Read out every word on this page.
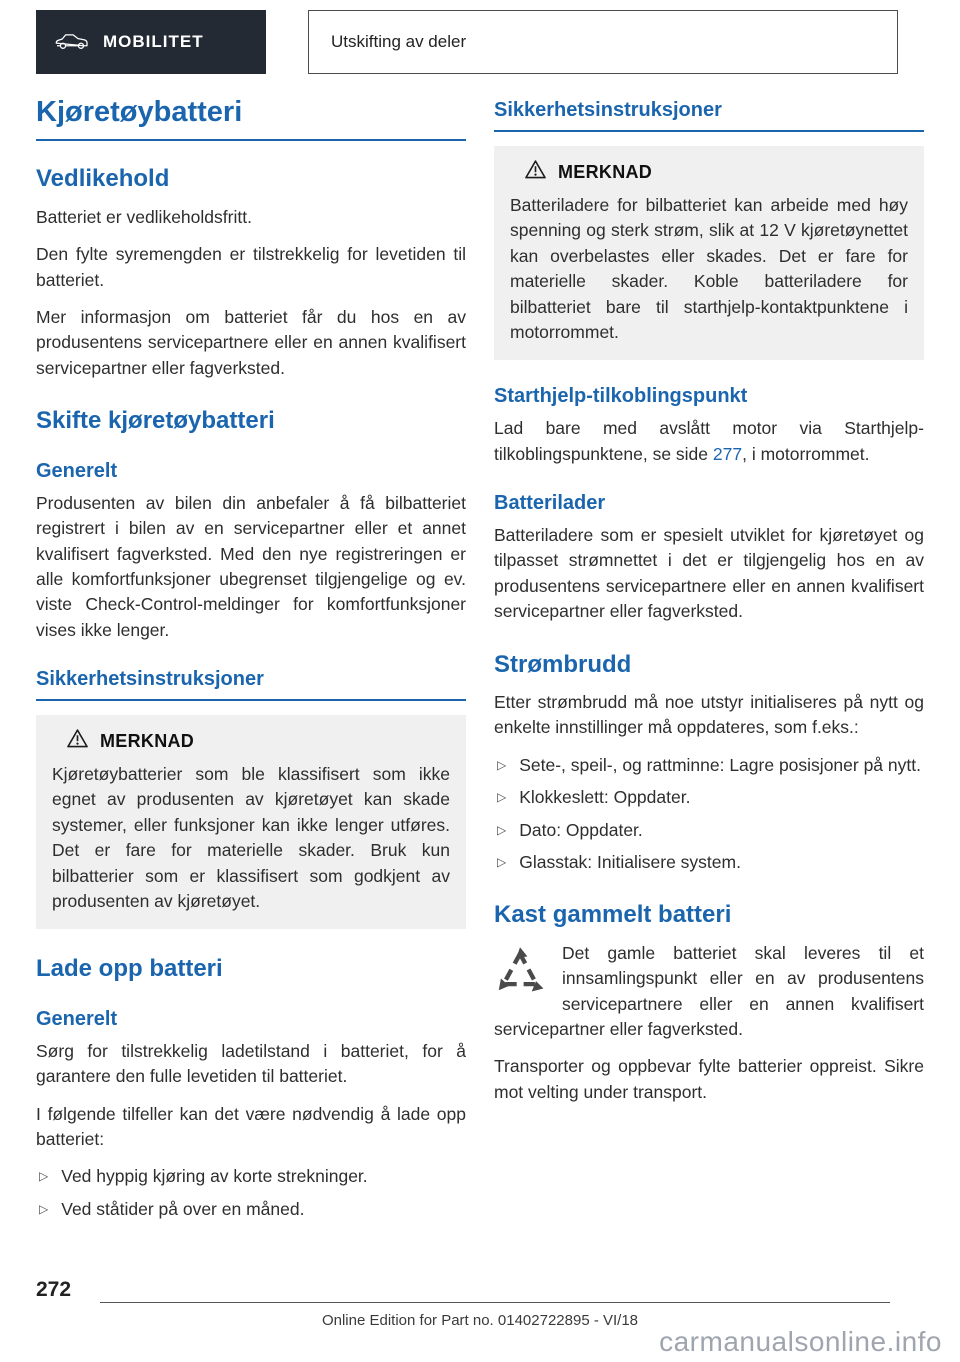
MOBILITET	Utskifting av deler
Kjøretøybatteri
Vedlikehold

Batteriet er vedlikeholdsfritt.

Den fylte syremengden er tilstrekkelig for levetiden til batteriet.

Mer informasjon om batteriet får du hos en av produsentens servicepartnere eller en annen kvalifisert servicepartner eller fagverksted.

Skifte kjøretøybatteri
Generelt

Produsenten av bilen din anbefaler å få bilbatteriet registrert i bilen av en servicepartner eller et annet kvalifisert fagverksted. Med den nye registreringen er alle komfortfunksjoner ubegrenset tilgjengelige og ev. viste Check-Control-meldinger for komfortfunksjoner vises ikke lenger.

Sikkerhetsinstruksjoner
MERKNAD

Kjøretøybatterier som ble klassifisert som ikke egnet av produsenten av kjøretøyet kan skade systemer, eller funksjoner kan ikke lenger utføres. Det er fare for materielle skader. Bruk kun bilbatterier som er klassifisert som godkjent av produsenten av kjøretøyet.

Lade opp batteri
Generelt

Sørg for tilstrekkelig ladetilstand i batteriet, for å garantere den fulle levetiden til batteriet.

I følgende tilfeller kan det være nødvendig å lade opp batteriet:

▷ Ved hyppig kjøring av korte strekninger.
▷ Ved ståtider på over en måned.
Sikkerhetsinstruksjoner
MERKNAD

Batteriladere for bilbatteriet kan arbeide med høy spenning og sterk strøm, slik at 12 V kjøretøynettet kan overbelastes eller skades. Det er fare for materielle skader. Koble batteriladere for bilbatteriet bare til starthjelp-kontaktpunktene i motorrommet.

Starthjelp-tilkoblingspunkt

Lad bare med avslått motor via Starthjelp-tilkoblingspunktene, se side 277, i motorrommet.

Batterilader

Batteriladere som er spesielt utviklet for kjøretøyet og tilpasset strømnettet i det er tilgjengelig hos en av produsentens servicepartnere eller en annen kvalifisert servicepartner eller fagverksted.

Strømbrudd

Etter strømbrudd må noe utstyr initialiseres på nytt og enkelte innstillinger må oppdateres, som f.eks.:

▷ Sete-, speil-, og rattminne: Lagre posisjoner på nytt.
▷ Klokkeslett: Oppdater.
▷ Dato: Oppdater.
▷ Glasstak: Initialisere system.
Kast gammelt batteri

Det gamle batteriet skal leveres til et innsamlingspunkt eller en av produsentens servicepartnere eller en annen kvalifisert servicepartner eller fagverksted.

Transporter og oppbevar fylte batterier oppreist. Sikre mot velting under transport.

272
Online Edition for Part no. 01402722895 - VI/18
carmanualsonline.info
